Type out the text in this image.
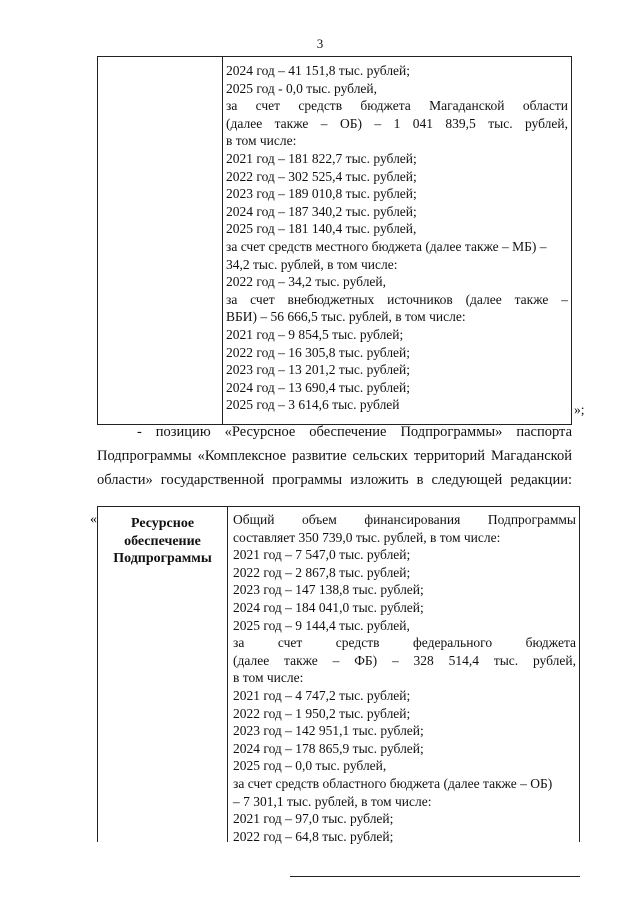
3
2024 год – 41 151,8 тыс. рублей;
2025 год - 0,0 тыс. рублей,
за счет средств бюджета Магаданской области
(далее также – ОБ) – 1 041 839,5 тыс. рублей,
в том числе:
2021 год – 181 822,7 тыс. рублей;
2022 год – 302 525,4 тыс. рублей;
2023 год – 189 010,8 тыс. рублей;
2024 год – 187 340,2 тыс. рублей;
2025 год – 181 140,4 тыс. рублей,
за счет средств местного бюджета (далее также – МБ) –
34,2 тыс. рублей, в том числе:
2022 год – 34,2 тыс. рублей,
за счет внебюджетных источников (далее также –
ВБИ) – 56 666,5 тыс. рублей, в том числе:
2021 год – 9 854,5 тыс. рублей;
2022 год – 16 305,8 тыс. рублей;
2023 год – 13 201,2 тыс. рублей;
2024 год – 13 690,4 тыс. рублей;
2025 год – 3 614,6 тыс. рублей	»;
- позицию «Ресурсное обеспечение Подпрограммы» паспорта
Подпрограммы «Комплексное развитие сельских территорий Магаданской
области» государственной программы изложить в следующей редакции:
«	Ресурсное
обеспечение
Подпрограммы
Общий объем финансирования Подпрограммы
составляет 350 739,0 тыс. рублей, в том числе:
2021 год – 7 547,0 тыс. рублей;
2022 год – 2 867,8 тыс. рублей;
2023 год – 147 138,8 тыс. рублей;
2024 год – 184 041,0 тыс. рублей;
2025 год – 9 144,4 тыс. рублей,
за счет средств федерального бюджета
(далее также – ФБ) – 328 514,4 тыс. рублей,
в том числе:
2021 год – 4 747,2 тыс. рублей;
2022 год – 1 950,2 тыс. рублей;
2023 год – 142 951,1 тыс. рублей;
2024 год – 178 865,9 тыс. рублей;
2025 год – 0,0 тыс. рублей,
за счет средств областного бюджета (далее также – ОБ)
– 7 301,1 тыс. рублей, в том числе:
2021 год – 97,0 тыс. рублей;
2022 год – 64,8 тыс. рублей;
